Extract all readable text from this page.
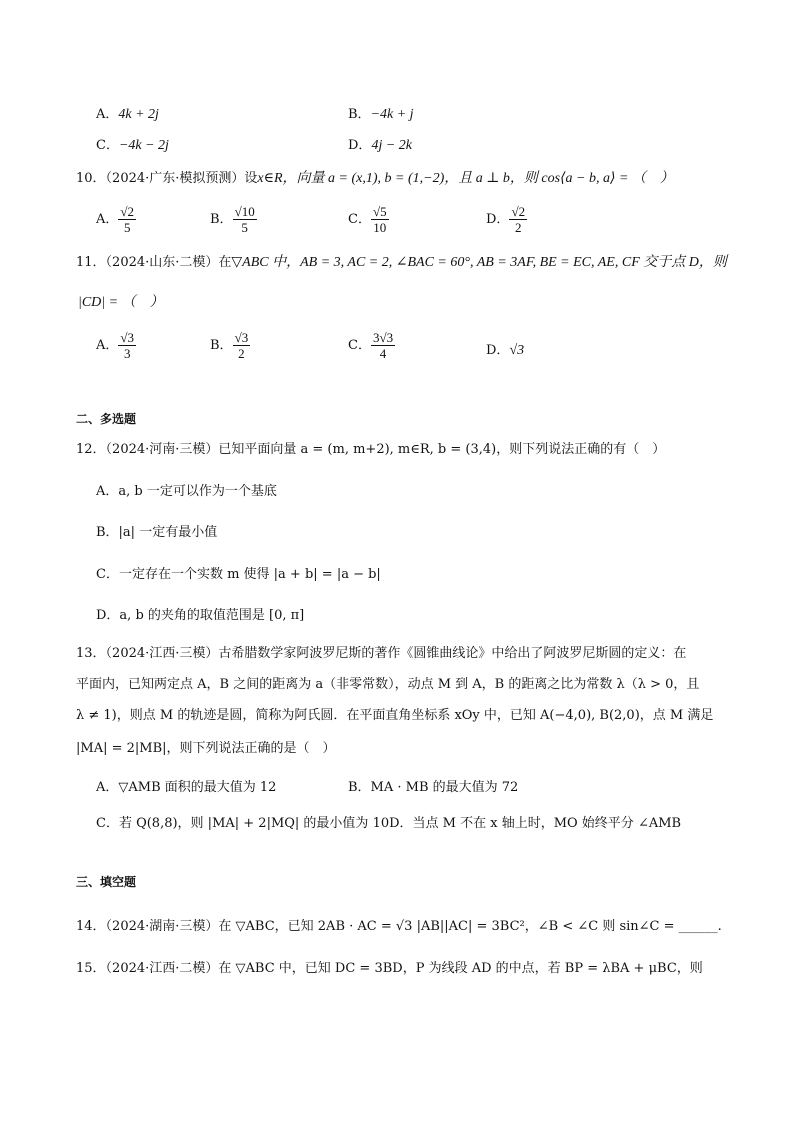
A．4k + 2j	B．−4k + j
C．−4k − 2j	D．4j − 2k
10．（2024·广东·模拟预测）设x∈R，向量 a = (x,1), b = (1,−2)，且 a ⊥ b，则 cos⟨a − b, a⟩ = （　）
A． $\frac{√2}{5}$	B． $\frac{√10}{5}$	C． $\frac{√5}{10}$	D． $\frac{√2}{2}$
11．（2024·山东·二模）在▽ABC 中，AB = 3, AC = 2, ∠BAC = 60°, AB = 3AF, BE = EC, AE, CF 交于点 D，则
|CD| = （　）
A． $\frac{√3}{3}$	B． $\frac{√3}{2}$	C． $\frac{3√3}{4}$	D．√3
二、多选题
12．（2024·河南·三模）已知平面向量 a = (m, m+2), m∈R, b = (3,4)，则下列说法正确的有（　）
A．a, b 一定可以作为一个基底
B．|a| 一定有最小值
C．一定存在一个实数 m 使得 |a + b| = |a − b|
D．a, b 的夹角的取值范围是 [0, π]
13．（2024·江西·三模）古希腊数学家阿波罗尼斯的著作《圆锥曲线论》中给出了阿波罗尼斯圆的定义：在
平面内，已知两定点 A，B 之间的距离为 a（非零常数），动点 M 到 A，B 的距离之比为常数 λ（λ > 0，且
λ ≠ 1)，则点 M 的轨迹是圆，简称为阿氏圆．在平面直角坐标系 xOy 中，已知 A(−4,0), B(2,0)，点 M 满足
|MA| = 2|MB|，则下列说法正确的是（　）
A．▽AMB 面积的最大值为 12	B．MA · MB 的最大值为 72
C．若 Q(8,8)，则 |MA| + 2|MQ| 的最小值为 10D．当点 M 不在 x 轴上时，MO 始终平分 ∠AMB
三、填空题
14．（2024·湖南·三模）在 ▽ABC，已知 2AB · AC = √3 |AB||AC| = 3BC²，∠B < ∠C 则 sin∠C = ______.
15．（2024·江西·二模）在 ▽ABC 中，已知 DC = 3BD，P 为线段 AD 的中点，若 BP = λBA + μBC，则
